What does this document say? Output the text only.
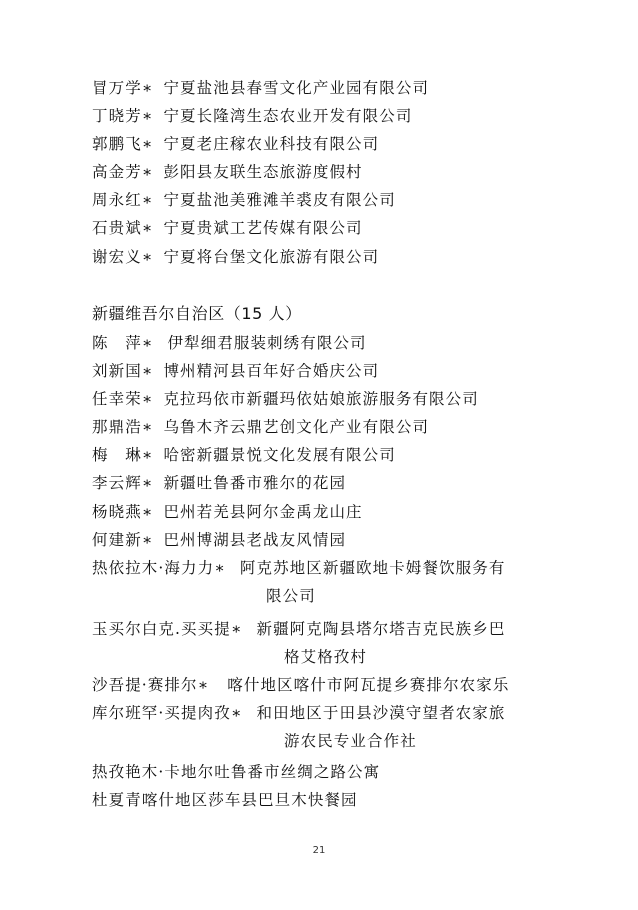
冒万学∗ 宁夏盐池县春雪文化产业园有限公司
丁晓芳∗ 宁夏长隆湾生态农业开发有限公司
郭鹏飞∗ 宁夏老庄稼农业科技有限公司
高金芳∗ 彭阳县友联生态旅游度假村
周永红∗ 宁夏盐池美雅滩羊裘皮有限公司
石贵斌∗ 宁夏贵斌工艺传媒有限公司
谢宏义∗ 宁夏将台堡文化旅游有限公司
新疆维吾尔自治区（15 人）
陈　萍∗ 伊犁细君服装刺绣有限公司
刘新国∗ 博州精河县百年好合婚庆公司
任幸荣∗ 克拉玛依市新疆玛依姑娘旅游服务有限公司
那鼎浩∗ 乌鲁木齐云鼎艺创文化产业有限公司
梅　琳∗ 哈密新疆景悦文化发展有限公司
李云辉∗ 新疆吐鲁番市雅尔的花园
杨晓燕∗ 巴州若羌县阿尔金禹龙山庄
何建新∗ 巴州博湖县老战友风情园
热依拉木·海力力∗ 阿克苏地区新疆欧地卡姆餐饮服务有
限公司
玉买尔白克.买买提∗ 新疆阿克陶县塔尔塔吉克民族乡巴
格艾格孜村
沙吾提·赛排尔∗ 喀什地区喀什市阿瓦提乡赛排尔农家乐
库尔班罕·买提肉孜∗ 和田地区于田县沙漠守望者农家旅
游农民专业合作社
热孜艳木·卡地尔吐鲁番市丝绸之路公寓
杜夏青喀什地区莎车县巴旦木快餐园
21
